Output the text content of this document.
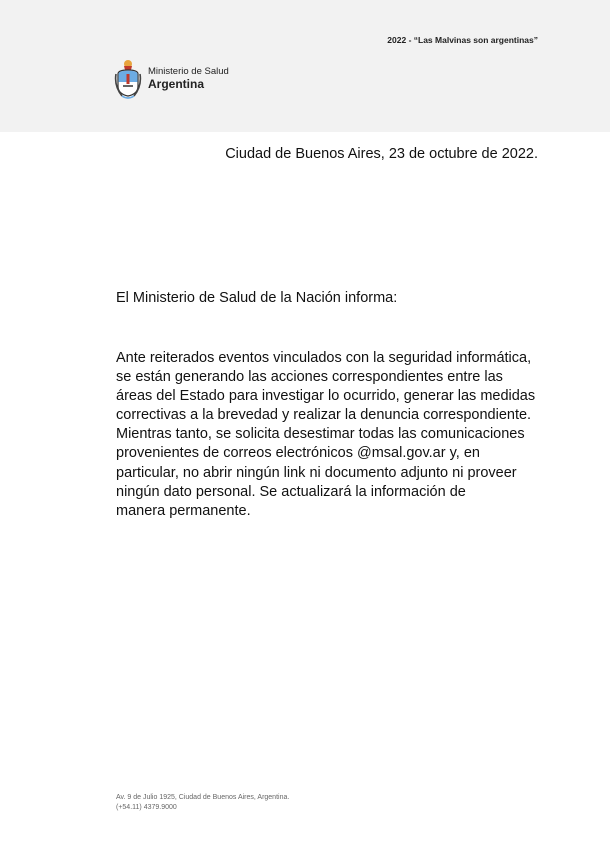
2022 - “Las Malvinas son argentinas”
Ministerio de Salud
Argentina
Ciudad de Buenos Aires, 23 de octubre de 2022.
El Ministerio de Salud de la Nación informa:
Ante reiterados eventos vinculados con la seguridad informática,
se están generando las acciones correspondientes entre las
áreas del Estado para investigar lo ocurrido, generar las medidas
correctivas a la brevedad y realizar la denuncia correspondiente.
Mientras tanto, se solicita desestimar todas las comunicaciones
provenientes de correos electrónicos @msal.gov.ar y, en
particular, no abrir ningún link ni documento adjunto ni proveer
ningún dato personal. Se actualizará la información de
manera permanente.
Av. 9 de Julio 1925, Ciudad de Buenos Aires, Argentina.
(+54.11) 4379.9000
